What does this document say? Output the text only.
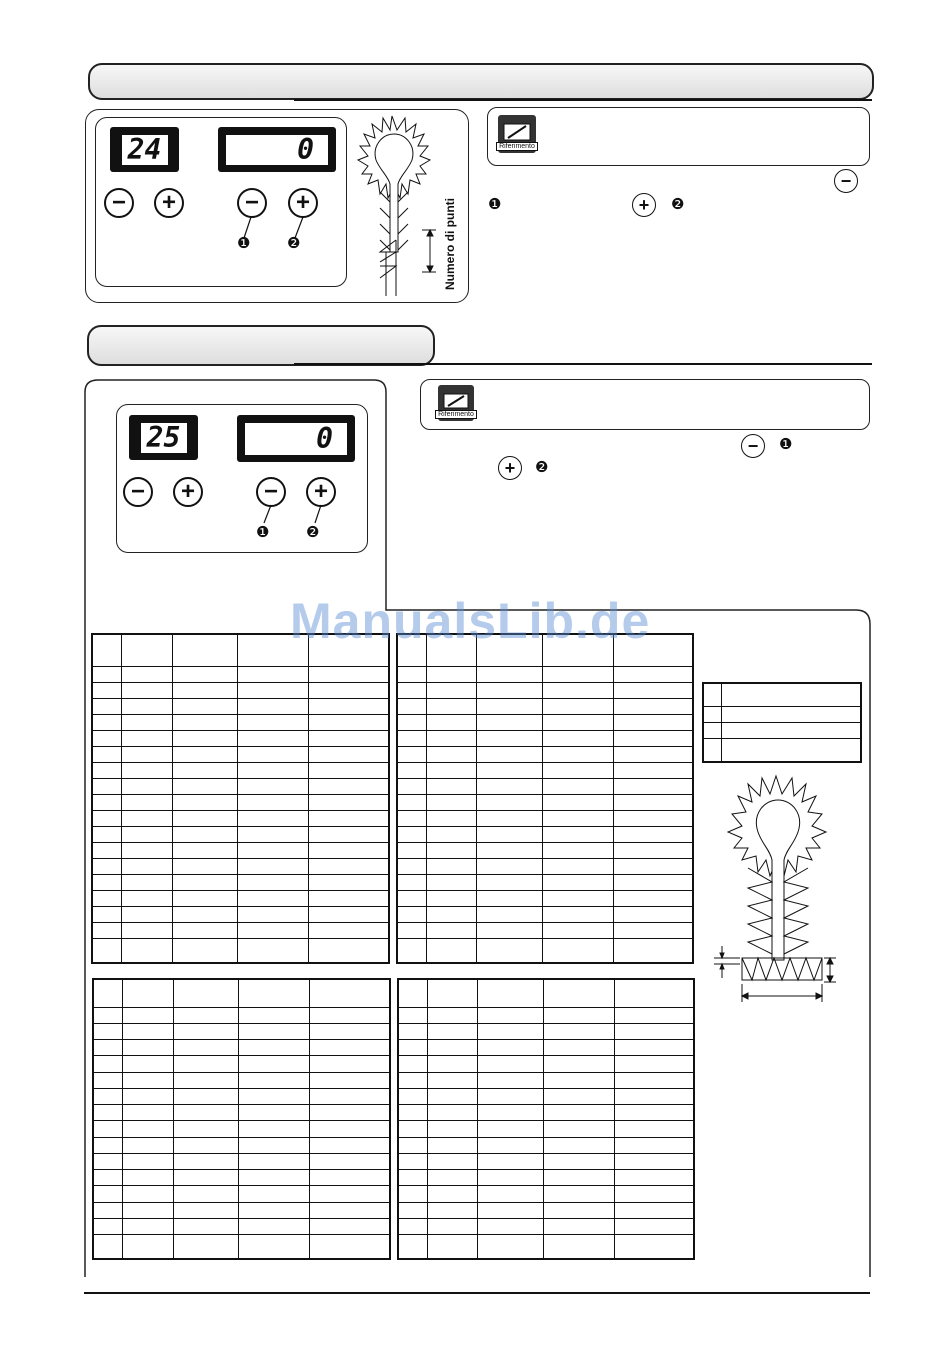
24	0
− +	− +
❶ ❷	Numero di punti
Riferimento
−
❶	+ ❷
25	0
− +	− +
❶ ❷
Riferimento
− ❶
+ ❷

ManualsLib.de
